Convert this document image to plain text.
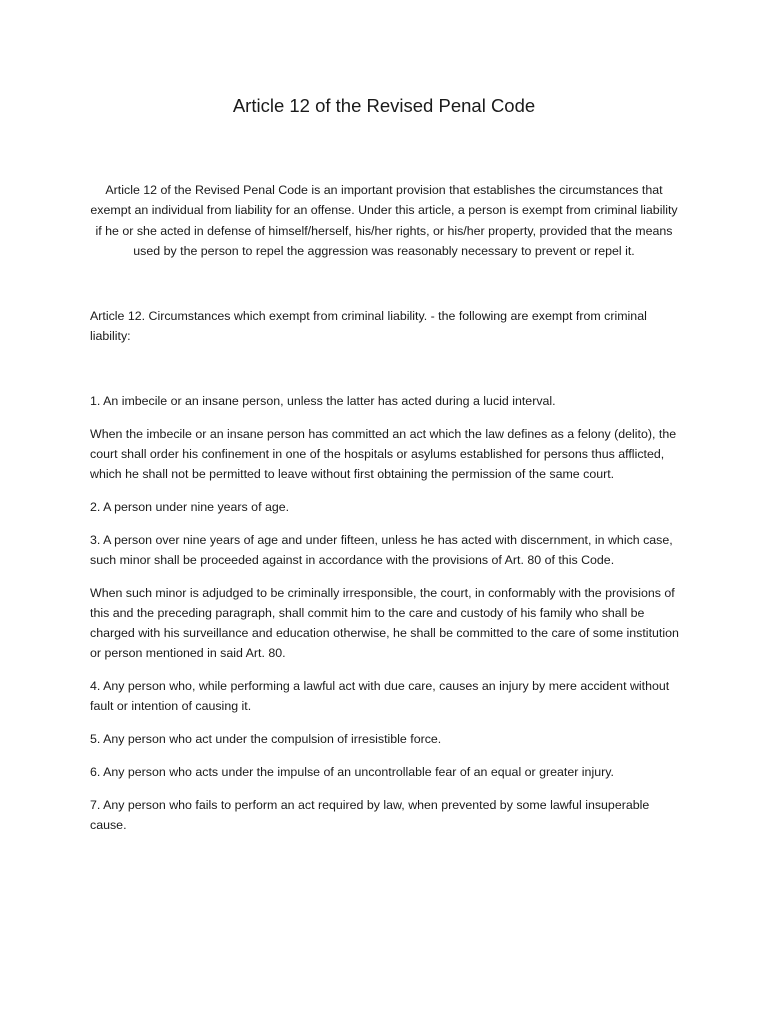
Article 12 of the Revised Penal Code

Article 12 of the Revised Penal Code is an important provision that establishes the circumstances that exempt an individual from liability for an offense. Under this article, a person is exempt from criminal liability if he or she acted in defense of himself/herself, his/her rights, or his/her property, provided that the means used by the person to repel the aggression was reasonably necessary to prevent or repel it.

Article 12. Circumstances which exempt from criminal liability. - the following are exempt from criminal liability:

1. An imbecile or an insane person, unless the latter has acted during a lucid interval.

When the imbecile or an insane person has committed an act which the law defines as a felony (delito), the court shall order his confinement in one of the hospitals or asylums established for persons thus afflicted, which he shall not be permitted to leave without first obtaining the permission of the same court.

2. A person under nine years of age.

3. A person over nine years of age and under fifteen, unless he has acted with discernment, in which case, such minor shall be proceeded against in accordance with the provisions of Art. 80 of this Code.

When such minor is adjudged to be criminally irresponsible, the court, in conformably with the provisions of this and the preceding paragraph, shall commit him to the care and custody of his family who shall be charged with his surveillance and education otherwise, he shall be committed to the care of some institution or person mentioned in said Art. 80.

4. Any person who, while performing a lawful act with due care, causes an injury by mere accident without fault or intention of causing it.

5. Any person who act under the compulsion of irresistible force.

6. Any person who acts under the impulse of an uncontrollable fear of an equal or greater injury.

7. Any person who fails to perform an act required by law, when prevented by some lawful insuperable cause.
